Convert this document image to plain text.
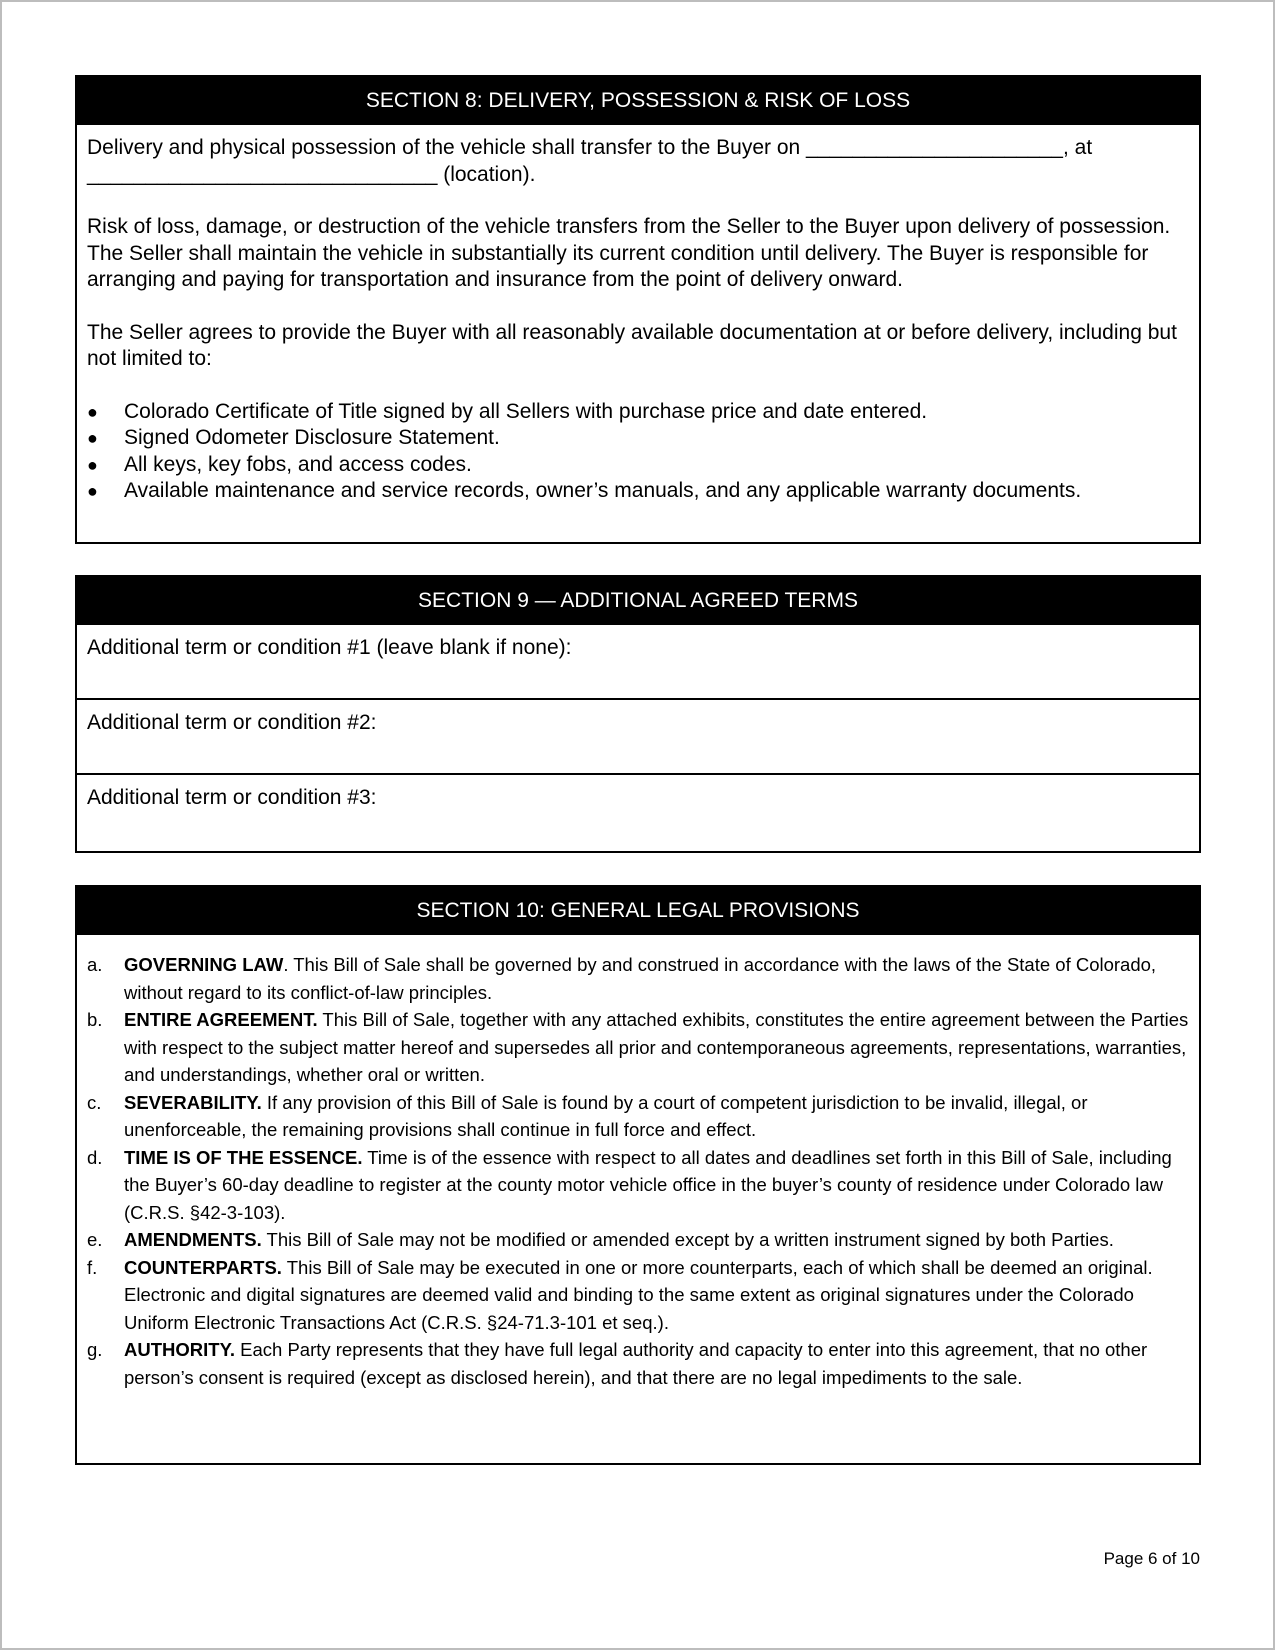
SECTION 8: DELIVERY, POSSESSION & RISK OF LOSS

Delivery and physical possession of the vehicle shall transfer to the Buyer on ______________________, at ______________________________ (location).

Risk of loss, damage, or destruction of the vehicle transfers from the Seller to the Buyer upon delivery of possession. The Seller shall maintain the vehicle in substantially its current condition until delivery. The Buyer is responsible for arranging and paying for transportation and insurance from the point of delivery onward.

The Seller agrees to provide the Buyer with all reasonably available documentation at or before delivery, including but not limited to:

● Colorado Certificate of Title signed by all Sellers with purchase price and date entered.
● Signed Odometer Disclosure Statement.
● All keys, key fobs, and access codes.
● Available maintenance and service records, owner’s manuals, and any applicable warranty documents.
SECTION 9 — ADDITIONAL AGREED TERMS
Additional term or condition #1 (leave blank if none):
Additional term or condition #2:
Additional term or condition #3:
SECTION 10: GENERAL LEGAL PROVISIONS
a. GOVERNING LAW. This Bill of Sale shall be governed by and construed in accordance with the laws of the State of Colorado, without regard to its conflict-of-law principles.
b. ENTIRE AGREEMENT. This Bill of Sale, together with any attached exhibits, constitutes the entire agreement between the Parties with respect to the subject matter hereof and supersedes all prior and contemporaneous agreements, representations, warranties, and understandings, whether oral or written.
c. SEVERABILITY. If any provision of this Bill of Sale is found by a court of competent jurisdiction to be invalid, illegal, or unenforceable, the remaining provisions shall continue in full force and effect.
d. TIME IS OF THE ESSENCE. Time is of the essence with respect to all dates and deadlines set forth in this Bill of Sale, including the Buyer’s 60-day deadline to register at the county motor vehicle office in the buyer’s county of residence under Colorado law (C.R.S. §42-3-103).
e. AMENDMENTS. This Bill of Sale may not be modified or amended except by a written instrument signed by both Parties.
f. COUNTERPARTS. This Bill of Sale may be executed in one or more counterparts, each of which shall be deemed an original. Electronic and digital signatures are deemed valid and binding to the same extent as original signatures under the Colorado Uniform Electronic Transactions Act (C.R.S. §24-71.3-101 et seq.).
g. AUTHORITY. Each Party represents that they have full legal authority and capacity to enter into this agreement, that no other person’s consent is required (except as disclosed herein), and that there are no legal impediments to the sale.
Page 6 of 10
